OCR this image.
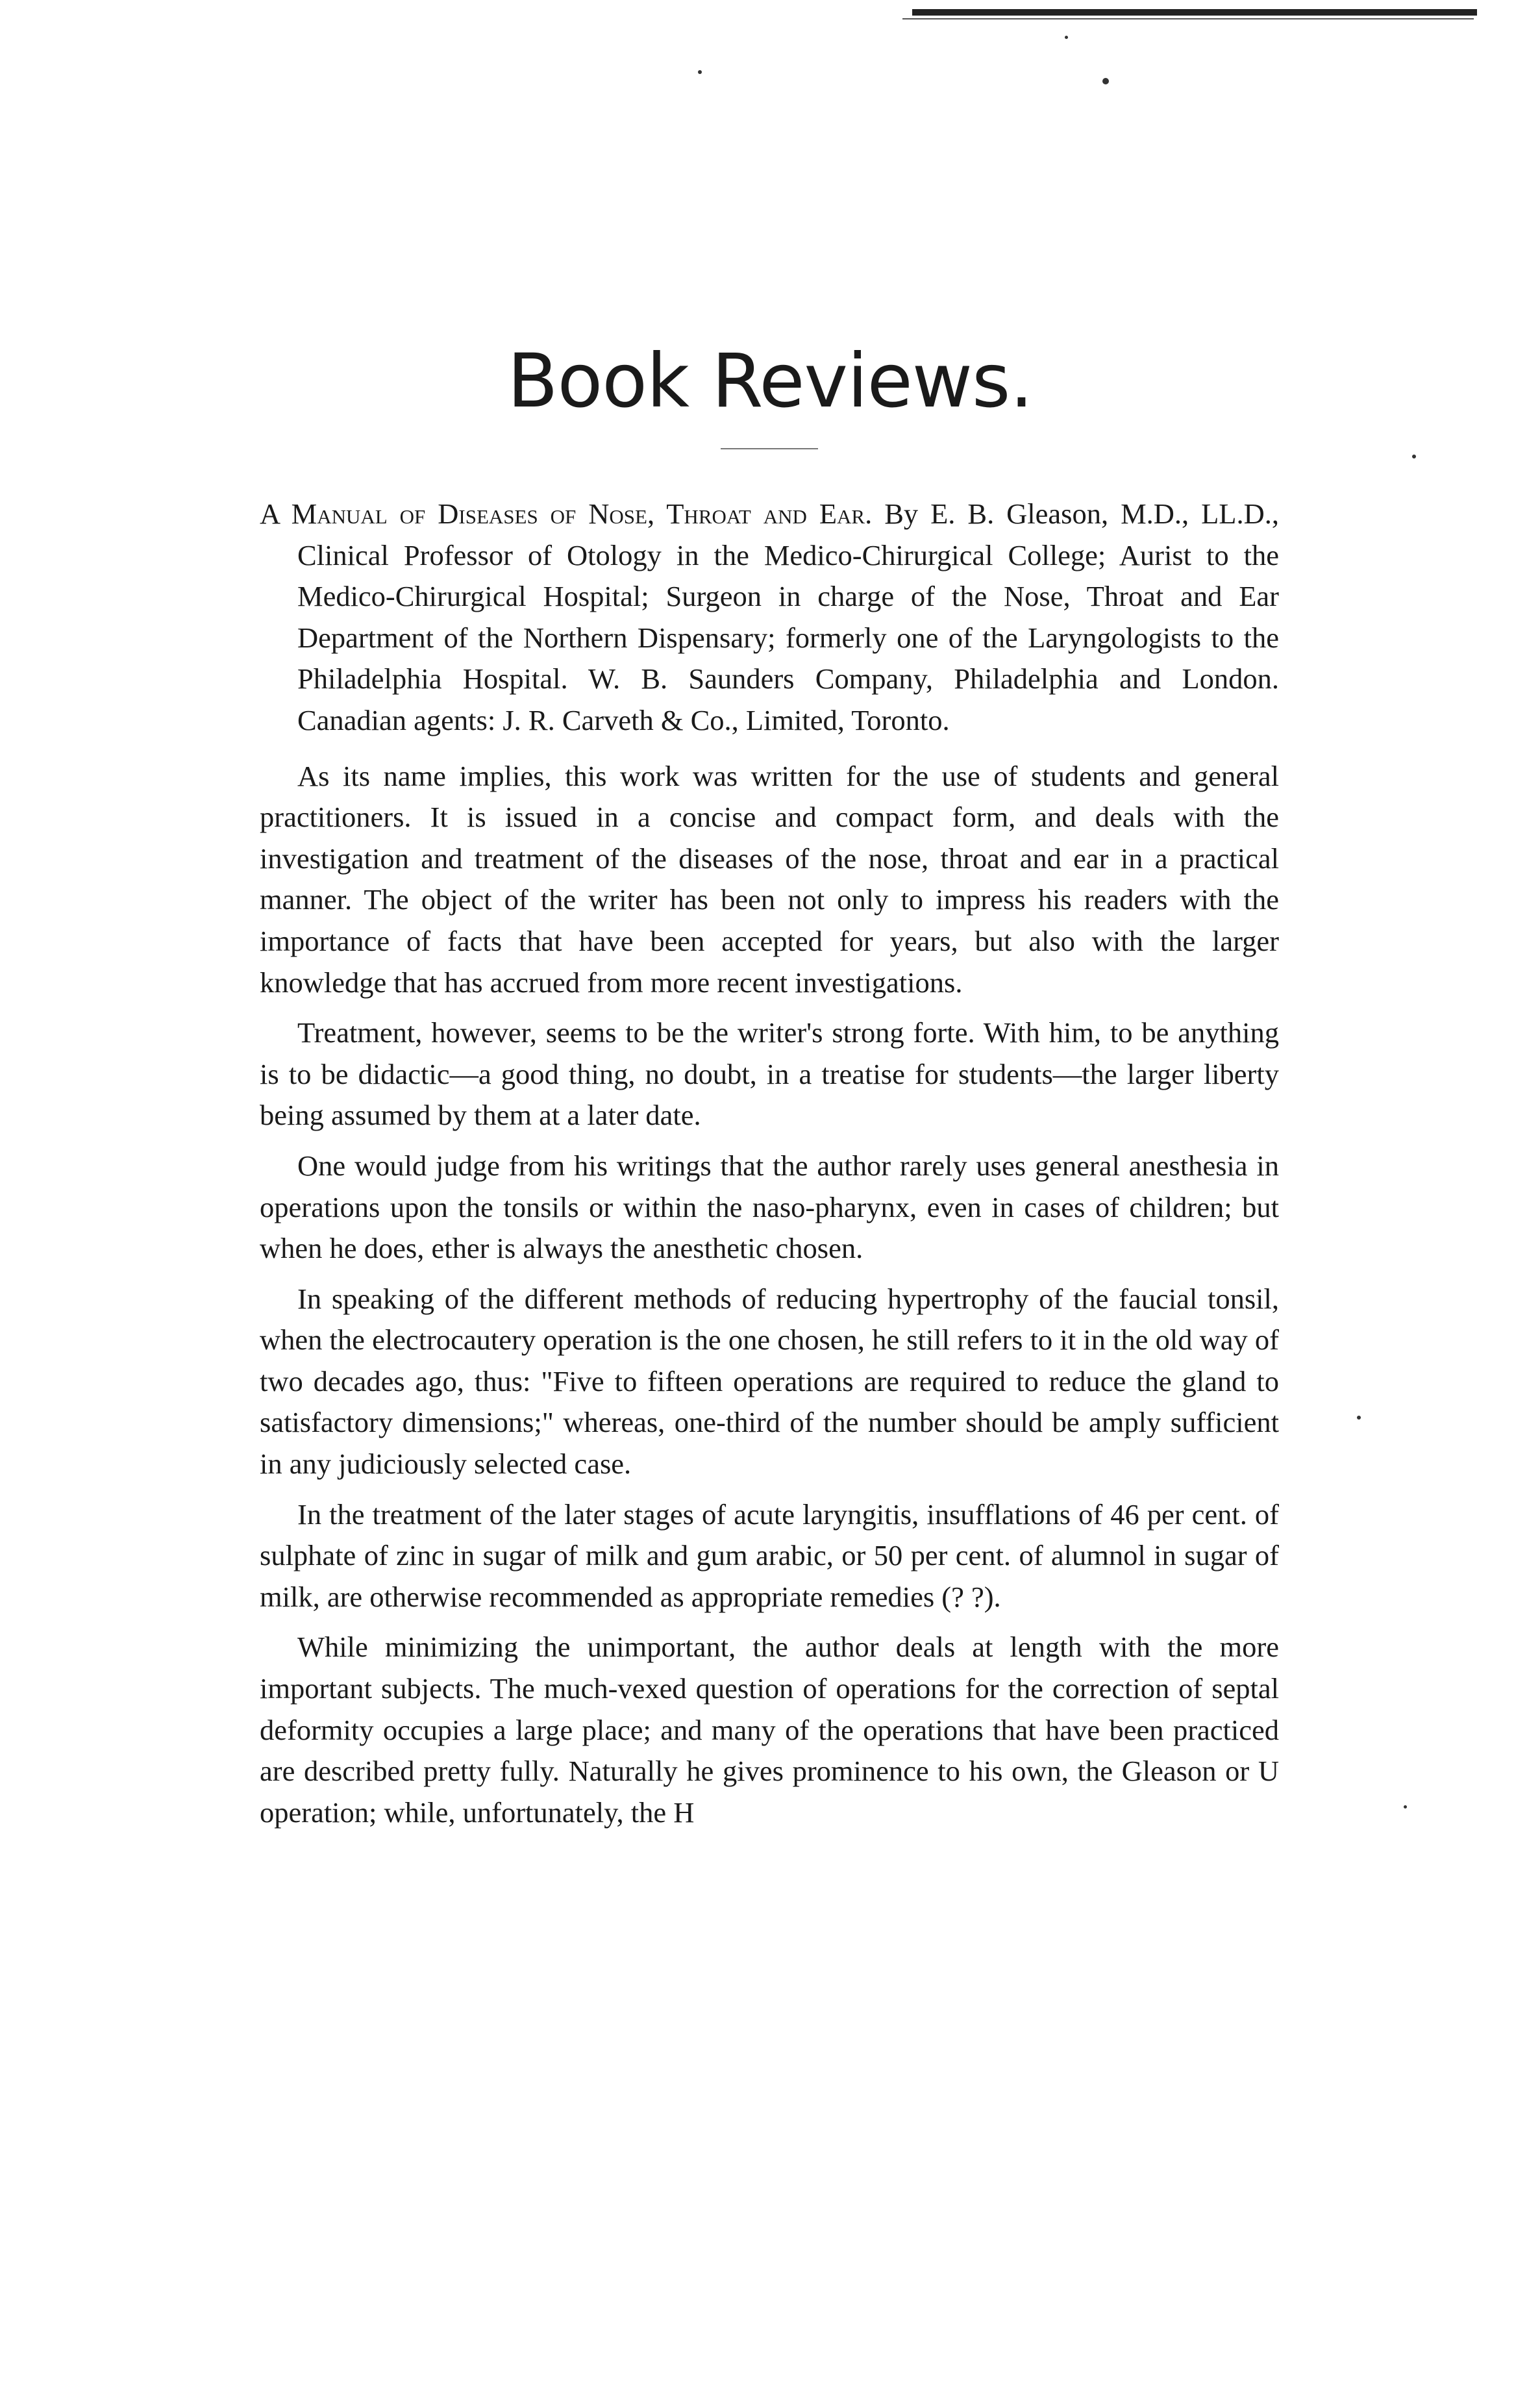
Book Reviews.

A Manual of Diseases of Nose, Throat and Ear. By E. B. Gleason, M.D., LL.D., Clinical Professor of Otology in the Medico-Chirurgical College; Aurist to the Medico-Chirurgical Hospital; Surgeon in charge of the Nose, Throat and Ear Department of the Northern Dispensary; formerly one of the Laryngologists to the Philadelphia Hospital. W. B. Saunders Company, Philadelphia and London. Canadian agents: J. R. Carveth & Co., Limited, Toronto.

As its name implies, this work was written for the use of students and general practitioners. It is issued in a concise and compact form, and deals with the investigation and treatment of the diseases of the nose, throat and ear in a practical manner. The object of the writer has been not only to impress his readers with the importance of facts that have been accepted for years, but also with the larger knowledge that has accrued from more recent investigations.

Treatment, however, seems to be the writer's strong forte. With him, to be anything is to be didactic—a good thing, no doubt, in a treatise for students—the larger liberty being assumed by them at a later date.

One would judge from his writings that the author rarely uses general anesthesia in operations upon the tonsils or within the naso-pharynx, even in cases of children; but when he does, ether is always the anesthetic chosen.

In speaking of the different methods of reducing hypertrophy of the faucial tonsil, when the electrocautery operation is the one chosen, he still refers to it in the old way of two decades ago, thus: "Five to fifteen operations are required to reduce the gland to satisfactory dimensions;" whereas, one-third of the number should be amply sufficient in any judiciously selected case.

In the treatment of the later stages of acute laryngitis, insufflations of 46 per cent. of sulphate of zinc in sugar of milk and gum arabic, or 50 per cent. of alumnol in sugar of milk, are otherwise recommended as appropriate remedies (? ?).

While minimizing the unimportant, the author deals at length with the more important subjects. The much-vexed question of operations for the correction of septal deformity occupies a large place; and many of the operations that have been practiced are described pretty fully. Naturally he gives prominence to his own, the Gleason or U operation; while, unfortunately, the H
